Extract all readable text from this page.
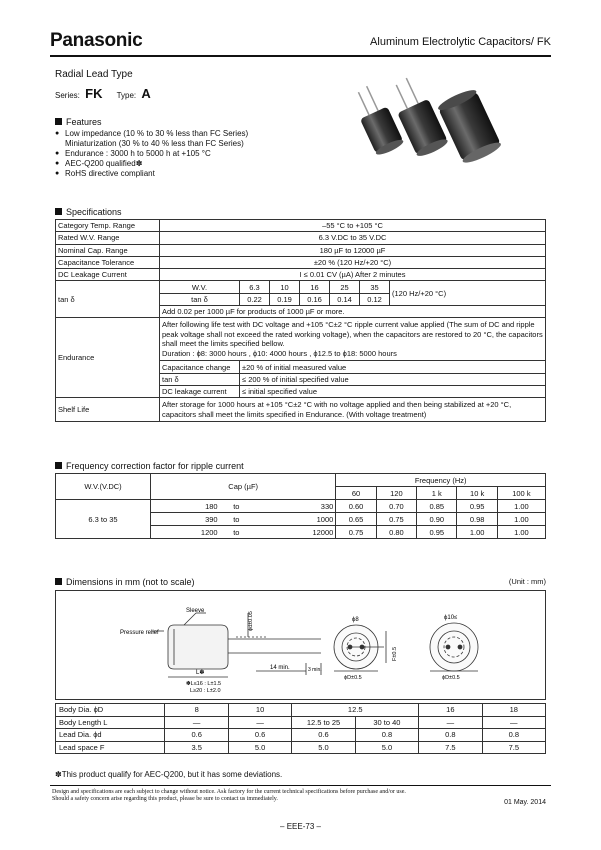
Panasonic	Aluminum Electrolytic Capacitors/ FK
Radial Lead Type
Series: FK Type: A
Features
● Low impedance (10 % to 30 % less than FC Series)
Miniaturization (30 % to 40 % less than FC Series)
● Endurance : 3000 h to 5000 h at +105 °C
● AEC-Q200 qualified✽
● RoHS directive compliant
Specifications
Category Temp. Range	–55 °C to +105 °C						
Rated W.V. Range	6.3 V.DC to 35 V.DC						
Nominal Cap. Range	180 µF to 12000 µF						
Capacitance Tolerance	±20 % (120 Hz/+20 °C)						
DC Leakage Current	I ≤ 0.01 CV (µA) After 2 minutes						
tan δ	W.V.	6.3	10	16	25	35	(120 Hz/+20 °C)
	tan δ	0.22	0.19	0.16	0.14	0.12	
	Add 0.02 per 1000 µF for products of 1000 µF or more.						
Endurance	After following life test with DC voltage and +105 °C±2 °C ripple current value applied (The sum of DC and ripple peak voltage shall not exceed the rated working voltage), when the capacitors are restored to 20 °C, the capacitors shall meet the limits specified bellow.
Duration : ϕ8: 3000 hours , ϕ10: 4000 hours , ϕ12.5 to ϕ18: 5000 hours						

	Capacitance change	±20 % of initial measured value					
	tan δ	≤ 200 % of initial specified value					
	DC leakage current	≤ initial specified value					
Shelf Life	After storage for 1000 hours at +105 °C±2 °C with no voltage applied and then being stabilized at +20 °C, capacitors shall meet the limits specified in Endurance. (With voltage treatment)						
Frequency correction factor for ripple current
W.V.(V.DC)	Cap (µF)			Frequency (Hz)				
				60	120	1 k	10 k	100 k
6.3 to 35	180	to	330	0.60	0.70	0.85	0.95	1.00
	390	to	1000	0.65	0.75	0.90	0.98	1.00
	1200	to	12000	0.75	0.80	0.95	1.00	1.00
Dimensions in mm (not to scale)	(Unit : mm)
Sleeve
Pressure relief
L✽
14 min.	3 min.
ϕd±0.05
✽L≤16 : L±1.5
L≥20 : L±2.0
ϕ8	ϕ10≤
F±0.5
ϕD±0.5	ϕD±0.5
Body Dia. ϕD	8	10	12.5		16	18
Body Length L	—	—	12.5 to 25	30 to 40	—	—
Lead Dia. ϕd	0.6	0.6	0.6	0.8	0.8	0.8
Lead space F	3.5	5.0	5.0	5.0	7.5	7.5
✽This product qualify for AEC-Q200, but it has some deviations.
Design and specifications are each subject to change without notice. Ask factory for the current technical specifications before purchase and/or use.
Should a safety concern arise regarding this product, please be sure to contact us immediately.	01 May. 2014
– EEE-73 –
